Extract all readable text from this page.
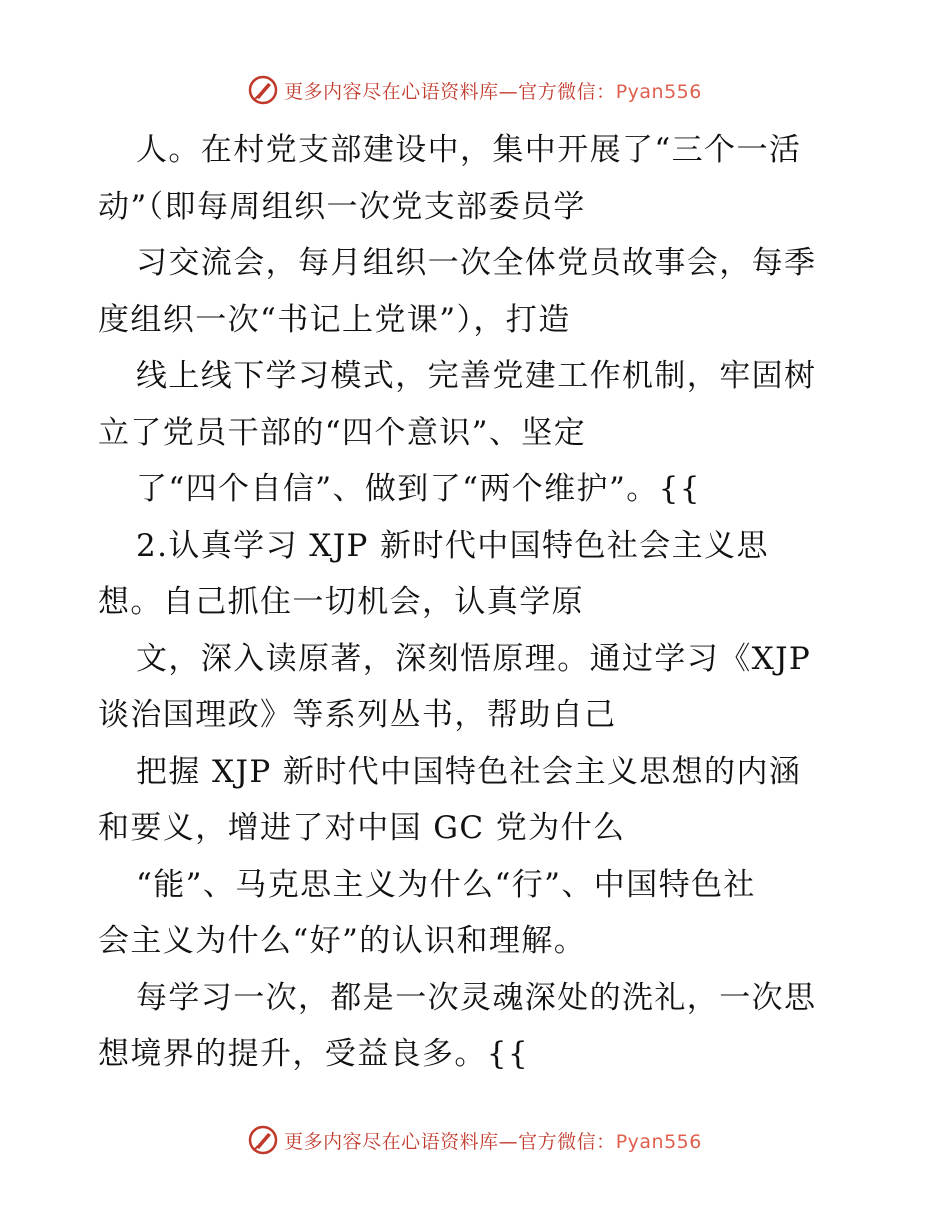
更多内容尽在心语资料库—官方微信：Pyan556
人。在村党支部建设中，集中开展了“三个一活
动”（即每周组织一次党支部委员学
习交流会，每月组织一次全体党员故事会，每季
度组织一次“书记上党课”），打造
线上线下学习模式，完善党建工作机制，牢固树
立了党员干部的“四个意识”、坚定
了“四个自信”、做到了“两个维护”。{{
2.认真学习 XJP 新时代中国特色社会主义思
想。自己抓住一切机会，认真学原
文，深入读原著，深刻悟原理。通过学习《XJP
谈治国理政》等系列丛书，帮助自己
把握 XJP 新时代中国特色社会主义思想的内涵
和要义，增进了对中国 GC 党为什么
“能”、马克思主义为什么“行”、中国特色社
会主义为什么“好”的认识和理解。
每学习一次，都是一次灵魂深处的洗礼，一次思
想境界的提升，受益良多。{{
更多内容尽在心语资料库—官方微信：Pyan556
